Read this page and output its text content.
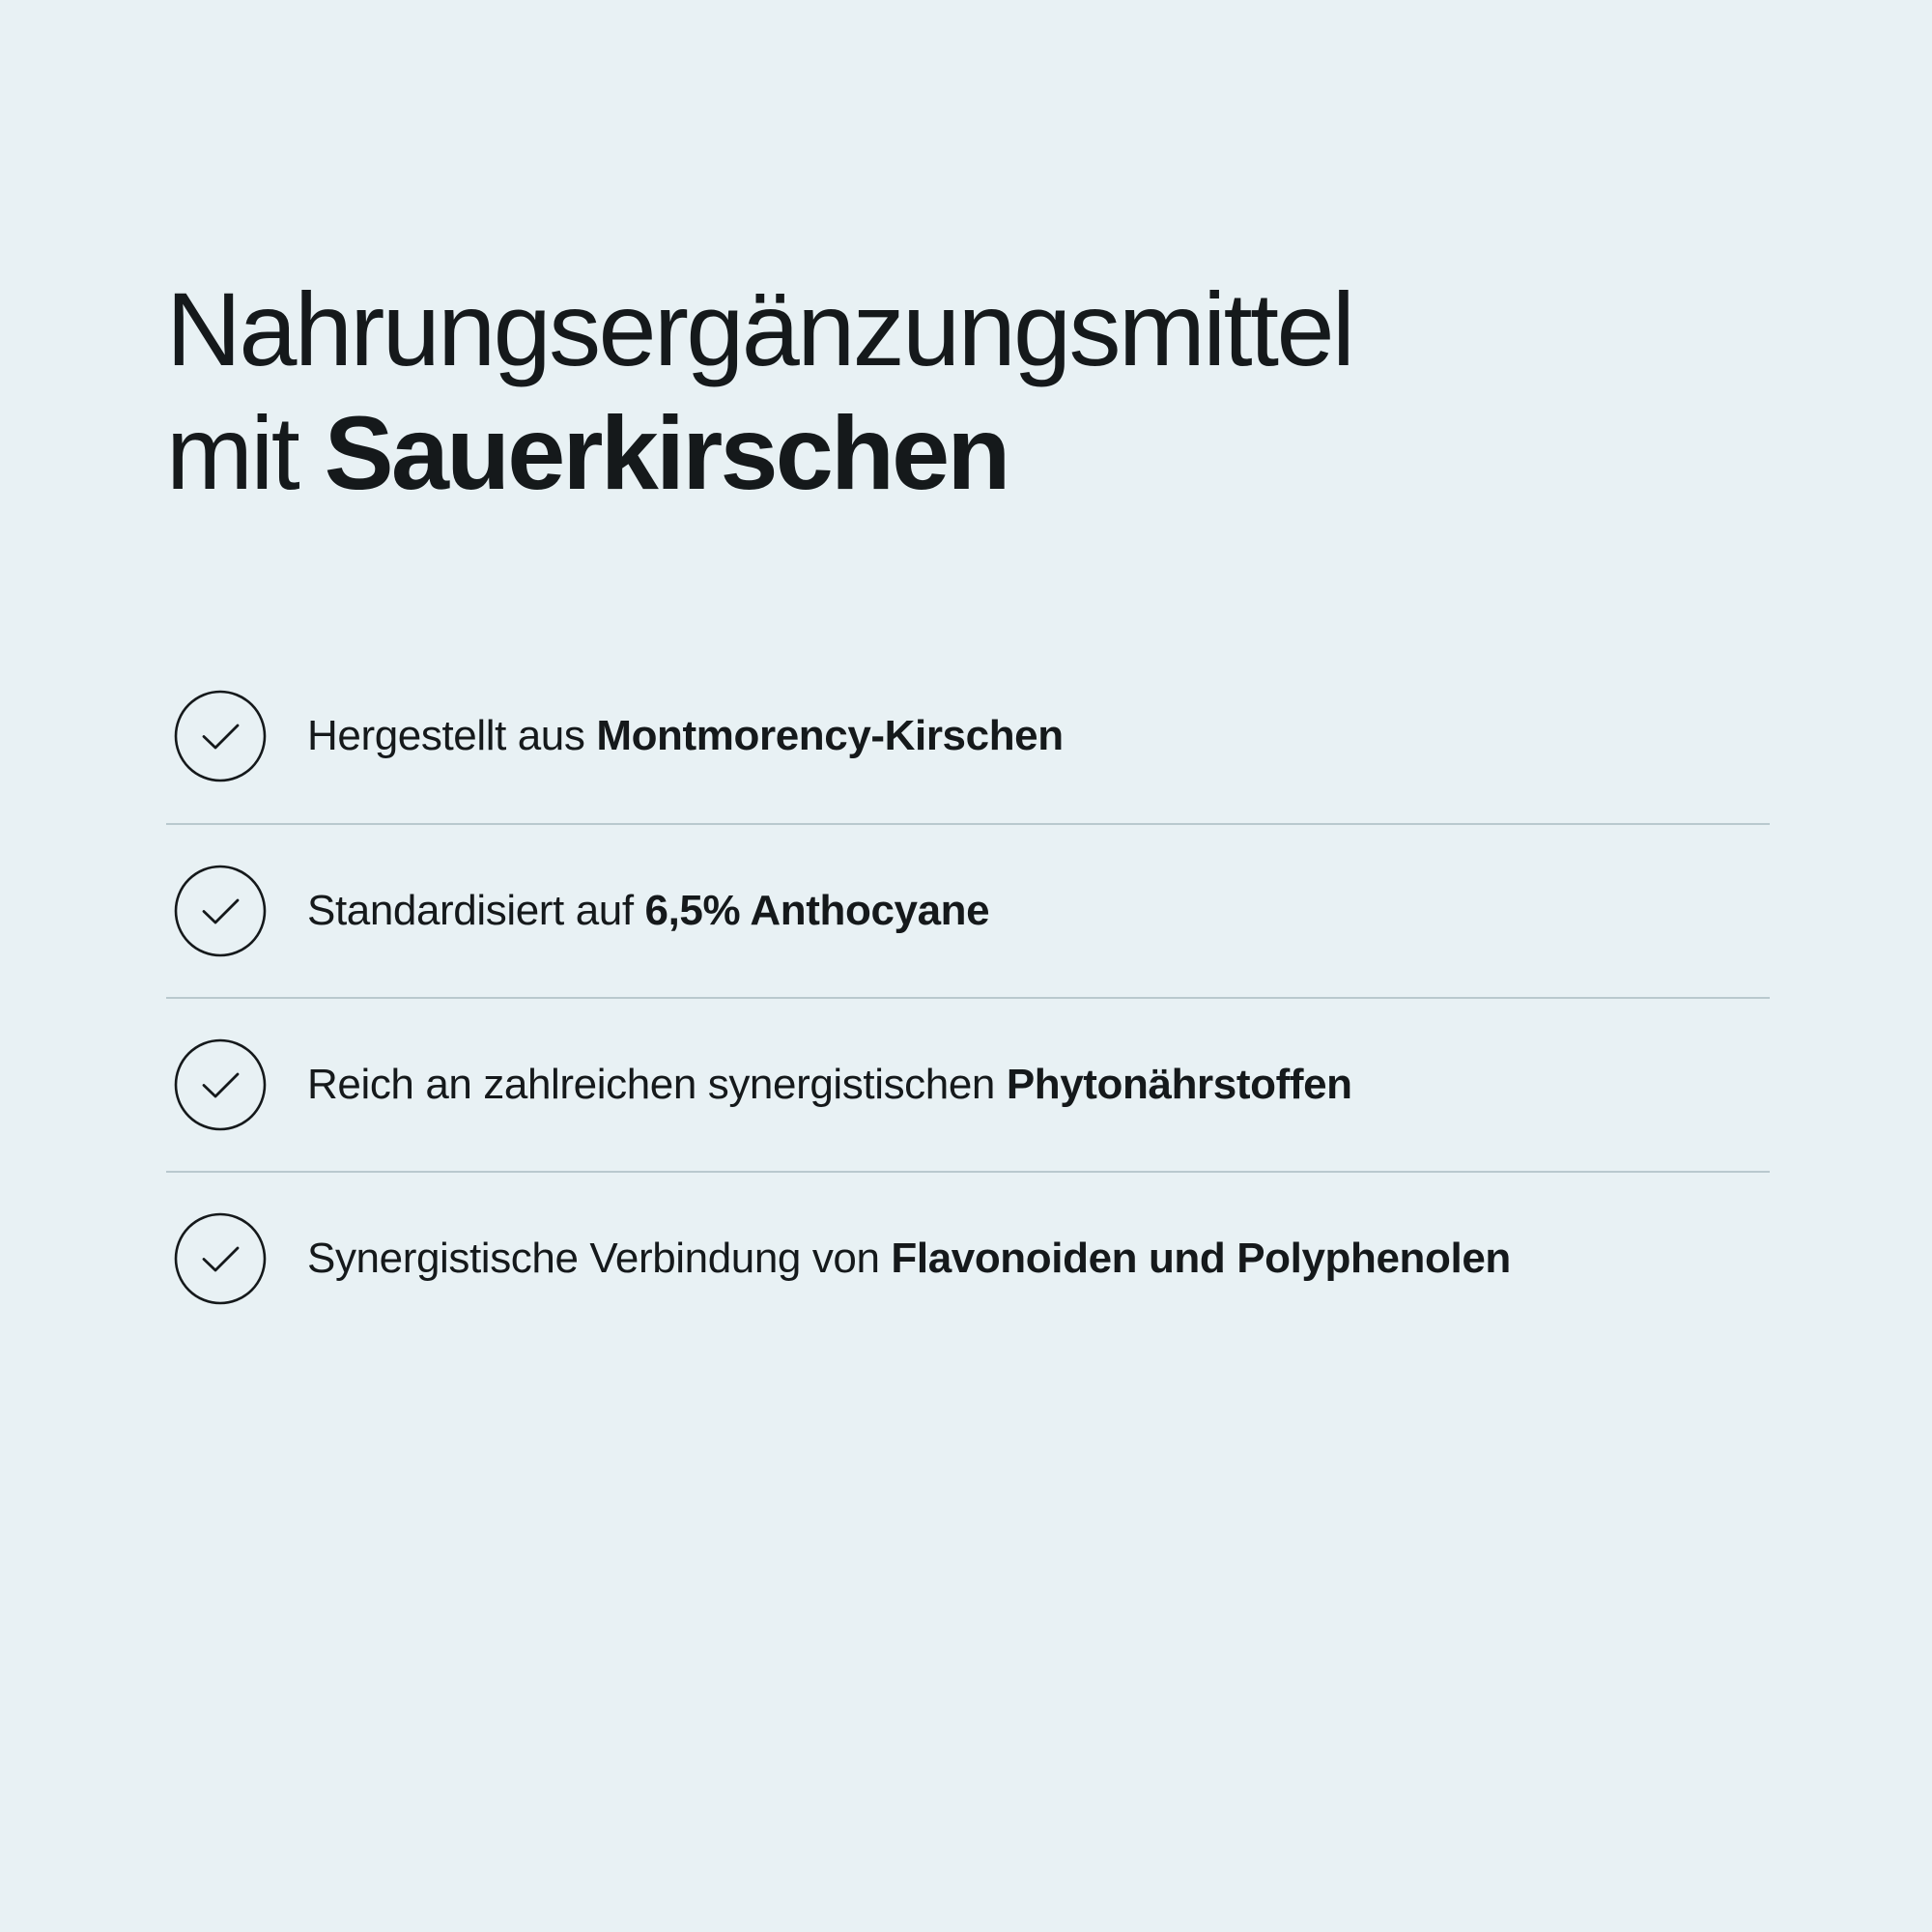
Nahrungsergänzungsmittel
mit Sauerkirschen
Hergestellt aus Montmorency-Kirschen
Standardisiert auf 6,5% Anthocyane
Reich an zahlreichen synergistischen Phytonährstoffen
Synergistische Verbindung von Flavonoiden und Polyphenolen
